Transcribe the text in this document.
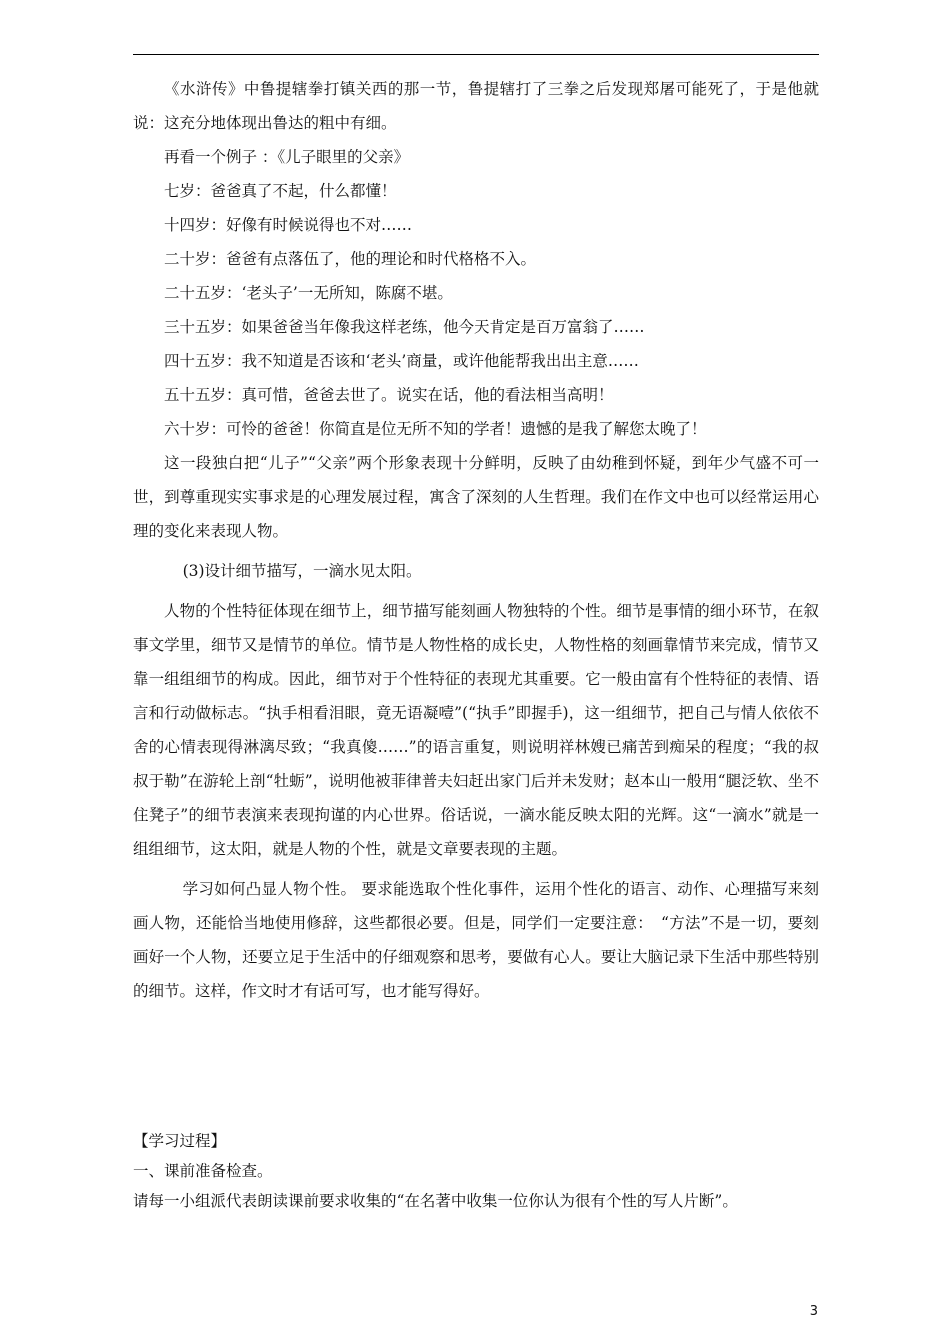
《水浒传》中鲁提辖拳打镇关西的那一节，鲁提辖打了三拳之后发现郑屠可能死了，于是他就说：这充分地体现出鲁达的粗中有细。

再看一个例子 ：《儿子眼里的父亲》

七岁：爸爸真了不起，什么都懂！

十四岁：好像有时候说得也不对……

二十岁：爸爸有点落伍了，他的理论和时代格格不入。

二十五岁：‘老头子’一无所知，陈腐不堪。

三十五岁：如果爸爸当年像我这样老练，他今天肯定是百万富翁了……

四十五岁：我不知道是否该和‘老头’商量，或许他能帮我出出主意……

五十五岁：真可惜，爸爸去世了。说实在话，他的看法相当高明！

六十岁：可怜的爸爸！你简直是位无所不知的学者！遗憾的是我了解您太晚了！

这一段独白把“儿子”“父亲”两个形象表现十分鲜明，反映了由幼稚到怀疑，到年少气盛不可一世，到尊重现实实事求是的心理发展过程，寓含了深刻的人生哲理。我们在作文中也可以经常运用心理的变化来表现人物。

(3)设计细节描写，一滴水见太阳。

人物的个性特征体现在细节上，细节描写能刻画人物独特的个性。细节是事情的细小环节，在叙事文学里，细节又是情节的单位。情节是人物性格的成长史，人物性格的刻画靠情节来完成，情节又靠一组组细节的构成。因此，细节对于个性特征的表现尤其重要。它一般由富有个性特征的表情、语言和行动做标志。“执手相看泪眼，竟无语凝噎”(“执手”即握手)，这一组细节，把自己与情人依依不舍的心情表现得淋漓尽致；“我真傻……”的语言重复，则说明祥林嫂已痛苦到痴呆的程度；“我的叔叔于勒”在游轮上剖“牡蛎”，说明他被菲律普夫妇赶出家门后并未发财；赵本山一般用“腿泛软、坐不住凳子”的细节表演来表现拘谨的内心世界。俗话说，一滴水能反映太阳的光辉。这“一滴水”就是一组组细节，这太阳，就是人物的个性，就是文章要表现的主题。

学习如何凸显人物个性。 要求能选取个性化事件，运用个性化的语言、动作、心理描写来刻画人物，还能恰当地使用修辞，这些都很必要。但是，同学们一定要注意：　“方法”不是一切，要刻画好一个人物，还要立足于生活中的仔细观察和思考，要做有心人。要让大脑记录下生活中那些特别的细节。这样，作文时才有话可写，也才能写得好。

【学习过程】

一、课前准备检查。

请每一小组派代表朗读课前要求收集的“在名著中收集一位你认为很有个性的写人片断”。

3
